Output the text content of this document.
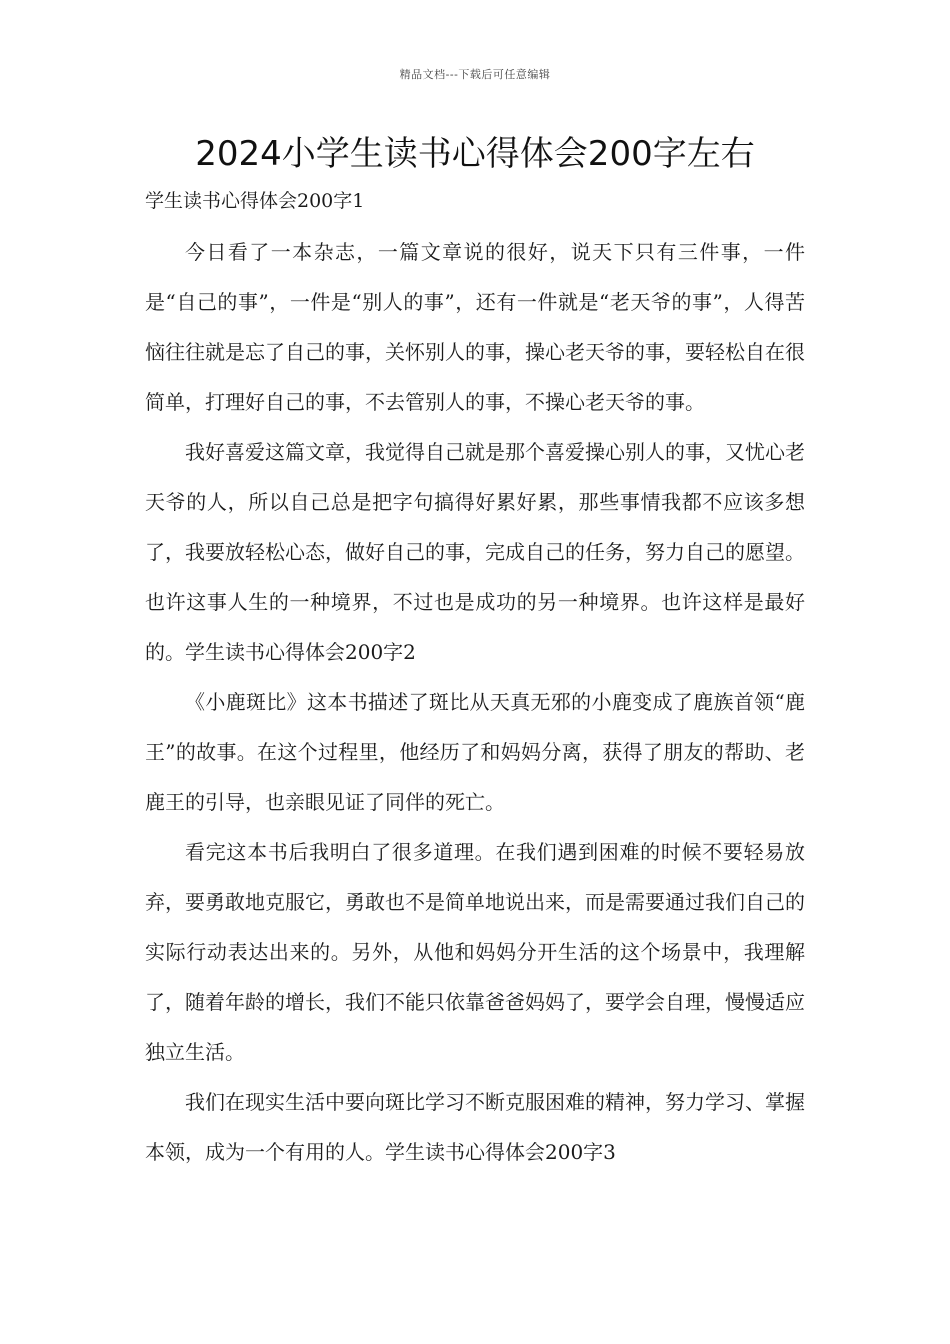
精品文档---下载后可任意编辑
2024小学生读书心得体会200字左右
学生读书心得体会200字1

今日看了一本杂志，一篇文章说的很好，说天下只有三件事，一件是“自己的事”，一件是“别人的事”，还有一件就是“老天爷的事”，人得苦恼往往就是忘了自己的事，关怀别人的事，操心老天爷的事，要轻松自在很简单，打理好自己的事，不去管别人的事，不操心老天爷的事。

我好喜爱这篇文章，我觉得自己就是那个喜爱操心别人的事，又忧心老天爷的人，所以自己总是把字句搞得好累好累，那些事情我都不应该多想了，我要放轻松心态，做好自己的事，完成自己的任务，努力自己的愿望。也许这事人生的一种境界，不过也是成功的另一种境界。也许这样是最好的。学生读书心得体会200字2

《小鹿斑比》这本书描述了斑比从天真无邪的小鹿变成了鹿族首领“鹿王”的故事。在这个过程里，他经历了和妈妈分离，获得了朋友的帮助、老鹿王的引导，也亲眼见证了同伴的死亡。

看完这本书后我明白了很多道理。在我们遇到困难的时候不要轻易放弃，要勇敢地克服它，勇敢也不是简单地说出来，而是需要通过我们自己的实际行动表达出来的。另外，从他和妈妈分开生活的这个场景中，我理解了，随着年龄的增长，我们不能只依靠爸爸妈妈了，要学会自理，慢慢适应独立生活。

我们在现实生活中要向斑比学习不断克服困难的精神，努力学习、掌握本领，成为一个有用的人。学生读书心得体会200字3
